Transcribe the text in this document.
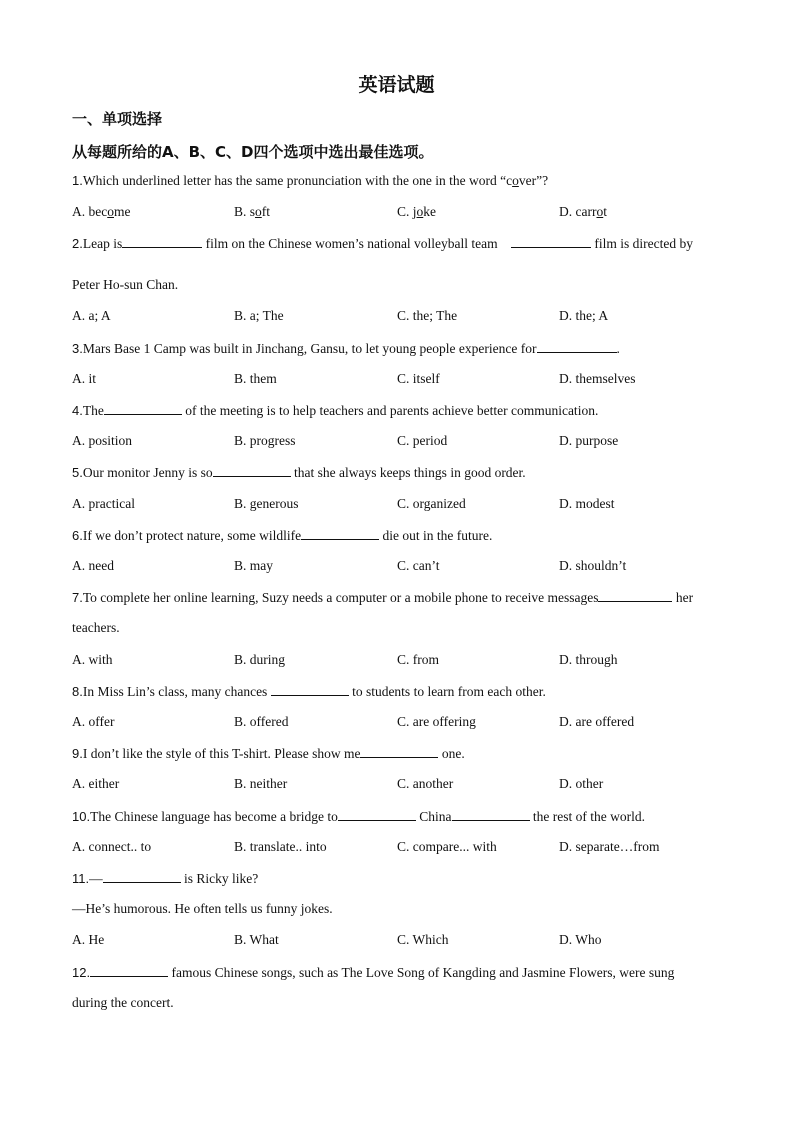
英语试题
一、单项选择
从每题所给的A、B、C、D四个选项中选出最佳选项。
1.Which underlined letter has the same pronunciation with the one in the word “cover”?
A. become	B. soft	C. joke	D. carrot
2.Leap is	film on the Chinese women’s national volleyball team	film is directed by
Peter Ho-sun Chan.
A. a; A	B. a; The	C. the; The	D. the; A
3.Mars Base 1 Camp was built in Jinchang, Gansu, to let young people experience for	.
A. it	B. them	C. itself	D. themselves
4.The	of the meeting is to help teachers and parents achieve better communication.
A. position	B. progress	C. period	D. purpose
5.Our monitor Jenny is so	that she always keeps things in good order.
A. practical	B. generous	C. organized	D. modest
6.If we don’t protect nature, some wildlife	die out in the future.
A. need	B. may	C. can’t	D. shouldn’t
7.To complete her online learning, Suzy needs a computer or a mobile phone to receive messages	her
teachers.
A. with	B. during	C. from	D. through
8.In Miss Lin’s class, many chances	to students to learn from each other.
A. offer	B. offered	C. are offering	D. are offered
9.I don’t like the style of this T-shirt. Please show me	one.
A. either	B. neither	C. another	D. other
10.The Chinese language has become a bridge to	China	the rest of the world.
A. connect.. to	B. translate.. into	C. compare... with	D. separate…from
11.—	is Ricky like?
—He’s humorous. He often tells us funny jokes.
A. He	B. What	C. Which	D. Who
12.	famous Chinese songs, such as The Love Song of Kangding and Jasmine Flowers, were sung
during the concert.
